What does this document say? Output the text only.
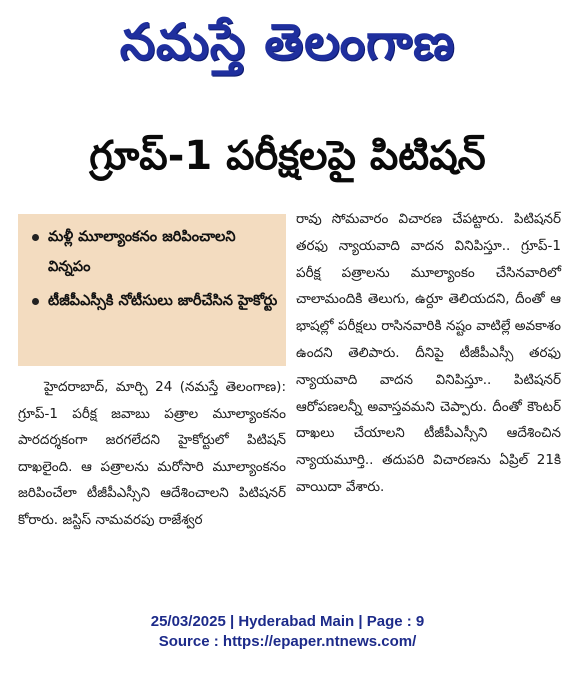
నమస్తే తెలంగాణ
గ్రూప్-1 పరీక్షలపై పిటిషన్
మళ్లీ మూల్యాంకనం జరిపించాలని విన్నపం
టీజీపీఎస్సీకి నోటీసులు జారీచేసిన హైకోర్టు

హైదరాబాద్, మార్చి 24 (నమస్తే తెలంగాణ): గ్రూప్-1 పరీక్ష జవాబు పత్రాల మూల్యాంకనం పారదర్శకంగా జరగలేదని హైకోర్టులో పిటిషన్ దాఖలైంది. ఆ పత్రాలను మరోసారి మూల్యాంకనం జరిపించేలా టీజీపీఎస్సీని ఆదేశించాలని పిటిషనర్ కోరారు. జస్టిస్ నామవరపు రాజేశ్వర

రావు సోమవారం విచారణ చేపట్టారు. పిటిషనర్ తరఫు న్యాయవాది వాదన వినిపిస్తూ.. గ్రూప్-1 పరీక్ష పత్రాలను మూల్యాంకం చేసినవారిలో చాలామందికి తెలుగు, ఉర్దూ తెలియదని, దీంతో ఆ భాషల్లో పరీక్షలు రాసినవారికి నష్టం వాటిల్లే అవకాశం ఉందని తెలిపారు. దీనిపై టీజీపీఎస్సీ తరఫు న్యాయవాది వాదన వినిపిస్తూ.. పిటిషనర్ ఆరోపణలన్నీ అవాస్తవమని చెప్పారు. దీంతో కౌంటర్ దాఖలు చేయాలని టీజీపీఎస్సీని ఆదేశించిన న్యాయమూర్తి.. తదుపరి విచారణను ఏప్రిల్ 21కి వాయిదా వేశారు.

25/03/2025 | Hyderabad Main | Page : 9
Source : https://epaper.ntnews.com/
